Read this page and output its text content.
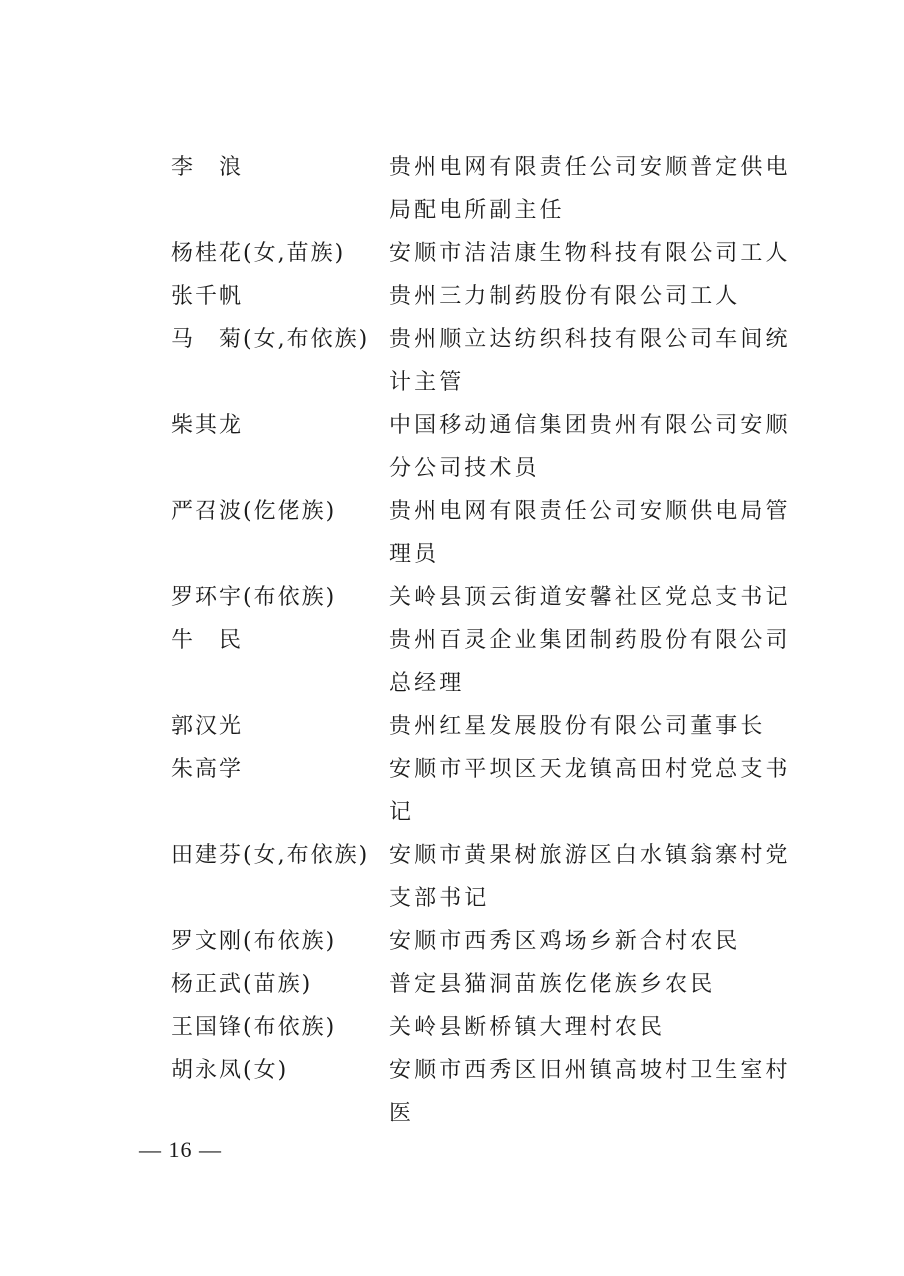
李　浪	贵州电网有限责任公司安顺普定供电局配电所副主任
杨桂花(女,苗族)	安顺市洁洁康生物科技有限公司工人
张千帆	贵州三力制药股份有限公司工人
马　菊(女,布依族) 贵州顺立达纺织科技有限公司车间统计主管
柴其龙	中国移动通信集团贵州有限公司安顺分公司技术员
严召波(仡佬族)	贵州电网有限责任公司安顺供电局管理员
罗环宇(布依族)	关岭县顶云街道安馨社区党总支书记
牛　民	贵州百灵企业集团制药股份有限公司总经理
郭汉光	贵州红星发展股份有限公司董事长
朱高学	安顺市平坝区天龙镇高田村党总支书记
田建芬(女,布依族) 安顺市黄果树旅游区白水镇翁寨村党支部书记
罗文刚(布依族)	安顺市西秀区鸡场乡新合村农民
杨正武(苗族)	普定县猫洞苗族仡佬族乡农民
王国锋(布依族)	关岭县断桥镇大理村农民
胡永凤(女)	安顺市西秀区旧州镇高坡村卫生室村医
— 16 —
